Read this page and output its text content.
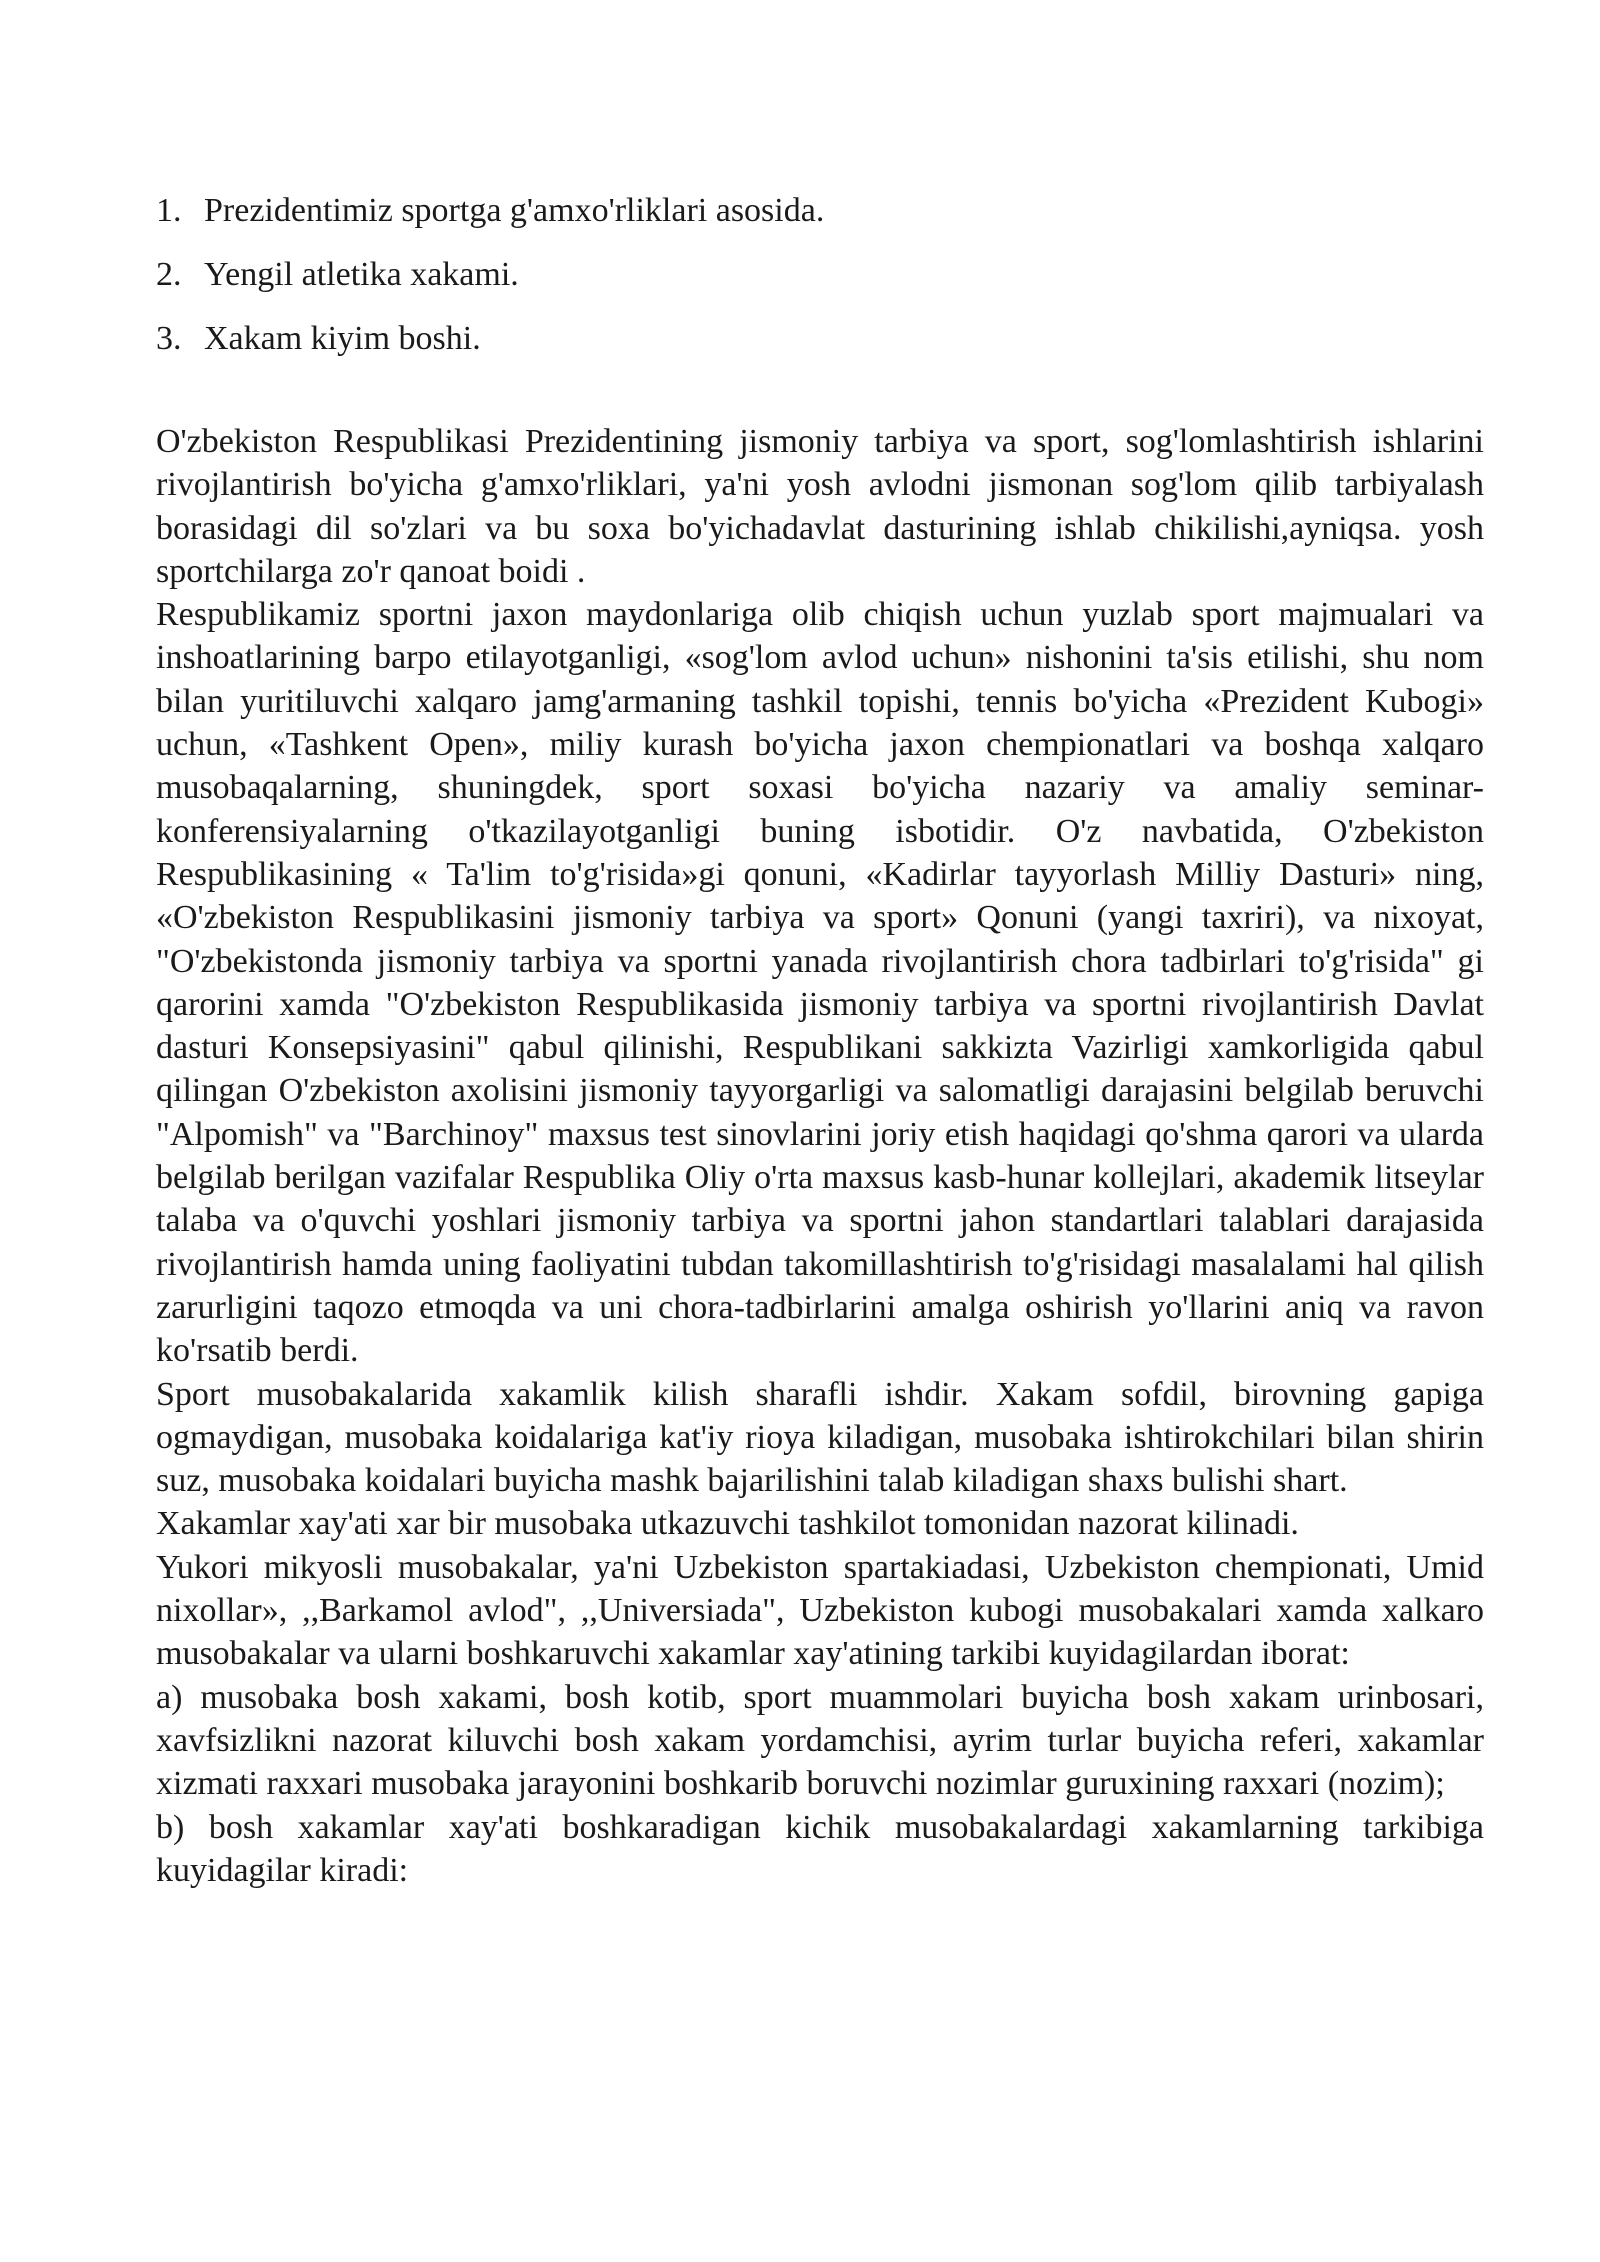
1. Prezidentimiz sportga g'amxo'rliklari asosida.
2. Yengil atletika xakami.
3. Xakam kiyim boshi.

O'zbekiston Respublikasi Prezidentining jismoniy tarbiya va sport, sog'lomlashtirish ishlarini rivojlantirish bo'yicha g'amxo'rliklari, ya'ni yosh avlodni jismonan sog'lom qilib tarbiyalash borasidagi dil so'zlari va bu soxa bo'yichadavlat dasturining ishlab chikilishi,ayniqsa. yosh sportchilarga zo'r qanoat boidi .

Respublikamiz sportni jaxon maydonlariga olib chiqish uchun yuzlab sport majmualari va inshoatlarining barpo etilayotganligi, «sog'lom avlod uchun» nishonini ta'sis etilishi, shu nom bilan yuritiluvchi xalqaro jamg'armaning tashkil topishi, tennis bo'yicha «Prezident Kubogi» uchun, «Tashkent Open», miliy kurash bo'yicha jaxon chempionatlari va boshqa xalqaro musobaqalarning, shuningdek, sport soxasi bo'yicha nazariy va amaliy seminar-konferensiyalarning o'tkazilayotganligi buning isbotidir. O'z navbatida, O'zbekiston Respublikasining « Ta'lim to'g'risida»gi qonuni, «Kadirlar tayyorlash Milliy Dasturi» ning, «O'zbekiston Respublikasini jismoniy tarbiya va sport» Qonuni (yangi taxriri), va nixoyat, "O'zbekistonda jismoniy tarbiya va sportni yanada rivojlantirish chora tadbirlari to'g'risida" gi qarorini xamda "O'zbekiston Respublikasida jismoniy tarbiya va sportni rivojlantirish Davlat dasturi Konsepsiyasini" qabul qilinishi, Respublikani sakkizta Vazirligi xamkorligida qabul qilingan O'zbekiston axolisini jismoniy tayyorgarligi va salomatligi darajasini belgilab beruvchi "Alpomish" va "Barchinoy" maxsus test sinovlarini joriy etish haqidagi qo'shma qarori va ularda belgilab berilgan vazifalar Respublika Oliy o'rta maxsus kasb-hunar kollejlari, akademik litseylar talaba va o'quvchi yoshlari jismoniy tarbiya va sportni jahon standartlari talablari darajasida rivojlantirish hamda uning faoliyatini tubdan takomillashtirish to'g'risidagi masalalami hal qilish zarurligini taqozo etmoqda va uni chora-tadbirlarini amalga oshirish yo'llarini aniq va ravon ko'rsatib berdi.

Sport musobakalarida xakamlik kilish sharafli ishdir. Xakam sofdil, birovning gapiga ogmaydigan, musobaka koidalariga kat'iy rioya kiladigan, musobaka ishtirokchilari bilan shirin suz, musobaka koidalari buyicha mashk bajarilishini talab kiladigan shaxs bulishi shart.

Xakamlar xay'ati xar bir musobaka utkazuvchi tashkilot tomonidan nazorat kilinadi.

Yukori mikyosli musobakalar, ya'ni Uzbekiston spartakiadasi, Uzbekiston chempionati, Umid nixollar», ,,Barkamol avlod", ,,Universiada", Uzbekiston kubogi musobakalari xamda xalkaro musobakalar va ularni boshkaruvchi xakamlar xay'atining tarkibi kuyidagilardan iborat:

a) musobaka bosh xakami, bosh kotib, sport muammolari buyicha bosh xakam urinbosari, xavfsizlikni nazorat kiluvchi bosh xakam yordamchisi, ayrim turlar buyicha referi, xakamlar xizmati raxxari musobaka jarayonini boshkarib boruvchi nozimlar guruxining raxxari (nozim);

b) bosh xakamlar xay'ati boshkaradigan kichik musobakalardagi xakamlarning tarkibiga kuyidagilar kiradi:
